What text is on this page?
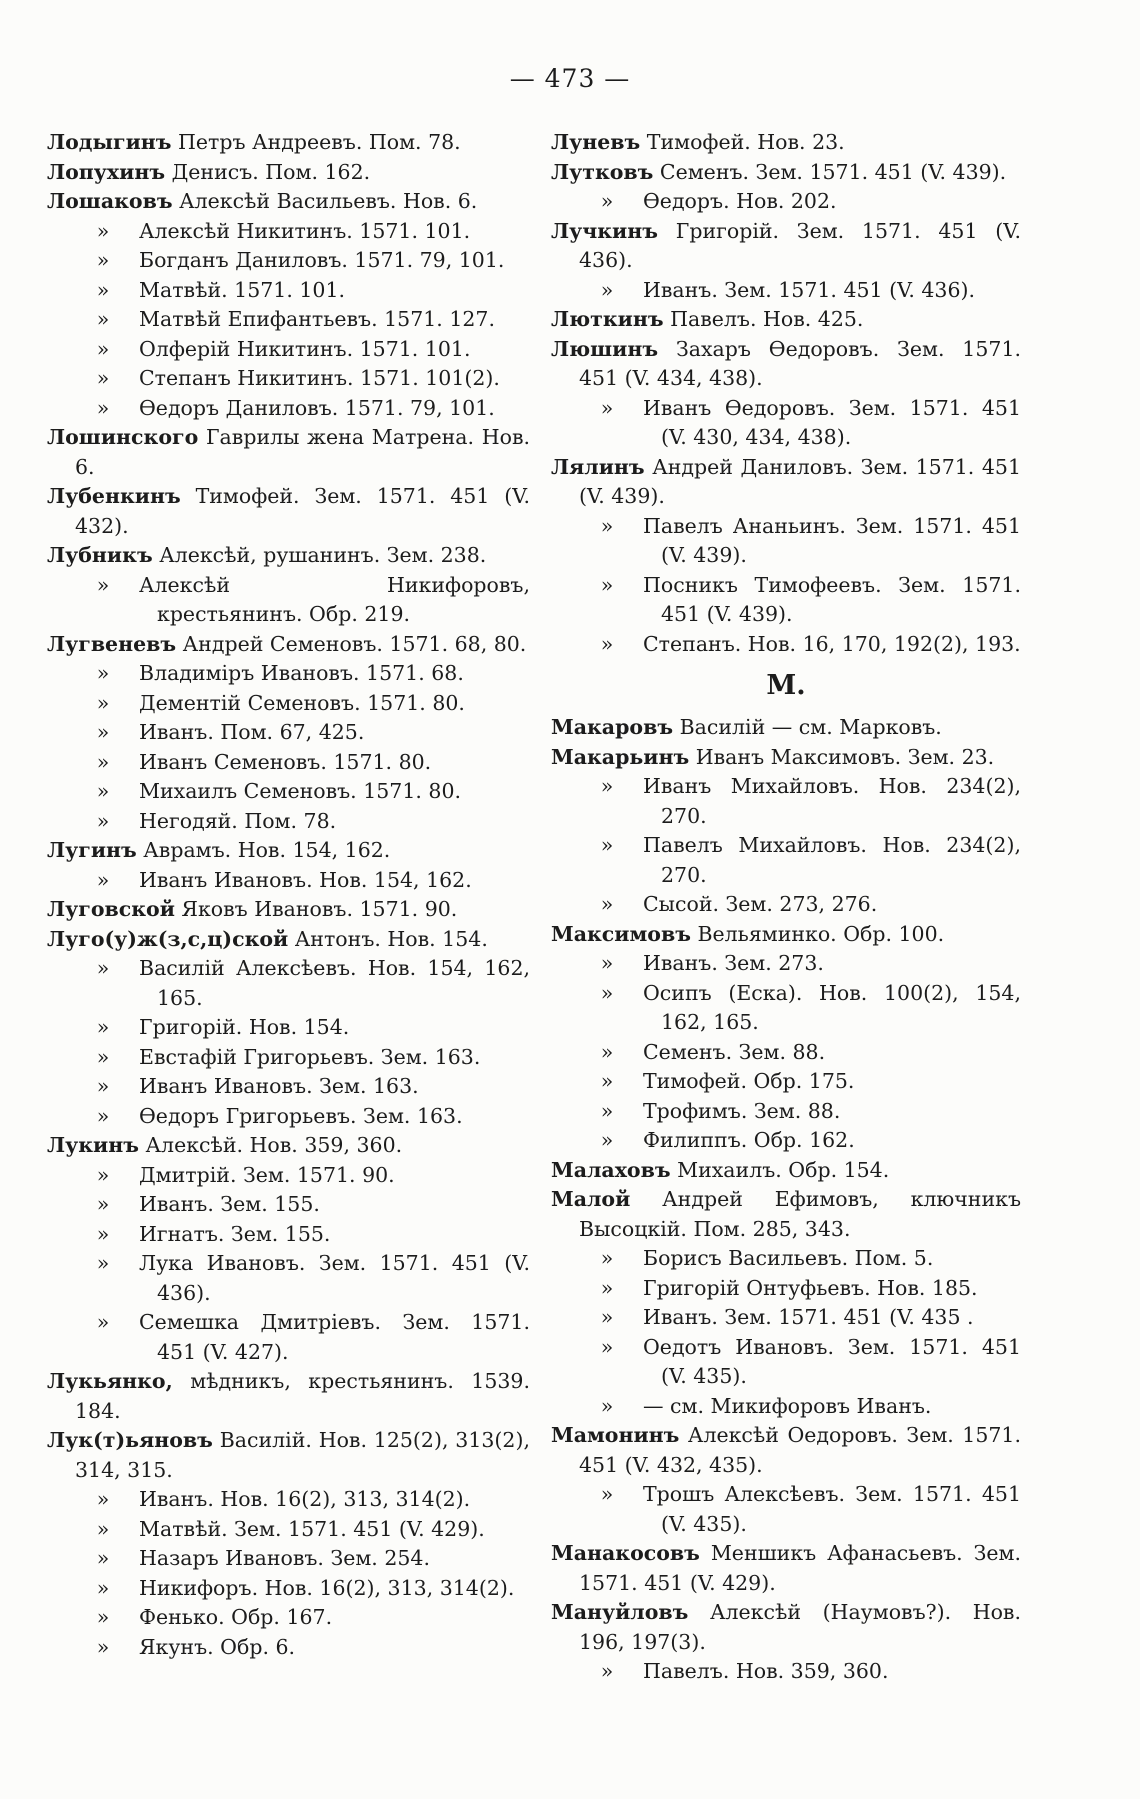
— 473 —
Лодыгинъ Петръ Андреевъ. Пом. 78.
Лопухинъ Денисъ. Пом. 162.
Лошаковъ Алексѣй Васильевъ. Нов. 6.
» Алексѣй Никитинъ. 1571. 101.
» Богданъ Даниловъ. 1571. 79, 101.
» Матвѣй. 1571. 101.
» Матвѣй Епифантьевъ. 1571. 127.
» Олферій Никитинъ. 1571. 101.
» Степанъ Никитинъ. 1571. 101(2).
» Ѳедоръ Даниловъ. 1571. 79, 101.
Лошинского Гаврилы жена Матрена. Нов. 6.
Лубенкинъ Тимофей. Зем. 1571. 451 (V. 432).
Лубникъ Алексѣй, рушанинъ. Зем. 238.
» Алексѣй Никифоровъ, крестьянинъ. Обр. 219.
Лугвеневъ Андрей Семеновъ. 1571. 68, 80.
» Владиміръ Ивановъ. 1571. 68.
» Дементій Семеновъ. 1571. 80.
» Иванъ. Пом. 67, 425.
» Иванъ Семеновъ. 1571. 80.
» Михаилъ Семеновъ. 1571. 80.
» Негодяй. Пом. 78.
Лугинъ Аврамъ. Нов. 154, 162.
» Иванъ Ивановъ. Нов. 154, 162.
Луговской Яковъ Ивановъ. 1571. 90.
Луго(у)ж(з,с,ц)ской Антонъ. Нов. 154.
» Василій Алексѣевъ. Нов. 154, 162, 165.
» Григорій. Нов. 154.
» Евстафій Григорьевъ. Зем. 163.
» Иванъ Ивановъ. Зем. 163.
» Ѳедоръ Григорьевъ. Зем. 163.
Лукинъ Алексѣй. Нов. 359, 360.
» Дмитрій. Зем. 1571. 90.
» Иванъ. Зем. 155.
» Игнатъ. Зем. 155.
» Лука Ивановъ. Зем. 1571. 451 (V. 436).
» Семешка Дмитріевъ. Зем. 1571. 451 (V. 427).
Лукьянко, мѣдникъ, крестьянинъ. 1539. 184.
Лук(т)ьяновъ Василій. Нов. 125(2), 313(2), 314, 315.
» Иванъ. Нов. 16(2), 313, 314(2).
» Матвѣй. Зем. 1571. 451 (V. 429).
» Назаръ Ивановъ. Зем. 254.
» Никифоръ. Нов. 16(2), 313, 314(2).
» Фенько. Обр. 167.
» Якунъ. Обр. 6.
Луневъ Тимофей. Нов. 23.
Лутковъ Семенъ. Зем. 1571. 451 (V. 439).
» Ѳедоръ. Нов. 202.
Лучкинъ Григорій. Зем. 1571. 451 (V. 436).
» Иванъ. Зем. 1571. 451 (V. 436).
Люткинъ Павелъ. Нов. 425.
Люшинъ Захаръ Ѳедоровъ. Зем. 1571. 451 (V. 434, 438).
» Иванъ Ѳедоровъ. Зем. 1571. 451 (V. 430, 434, 438).
Лялинъ Андрей Даниловъ. Зем. 1571. 451 (V. 439).
» Павелъ Ананьинъ. Зем. 1571. 451 (V. 439).
» Посникъ Тимофеевъ. Зем. 1571. 451 (V. 439).
» Степанъ. Нов. 16, 170, 192(2), 193.
М.
Макаровъ Василій — см. Марковъ.
Макарьинъ Иванъ Максимовъ. Зем. 23.
» Иванъ Михайловъ. Нов. 234(2), 270.
» Павелъ Михайловъ. Нов. 234(2), 270.
» Сысой. Зем. 273, 276.
Максимовъ Вельяминко. Обр. 100.
» Иванъ. Зем. 273.
» Осипъ (Еска). Нов. 100(2), 154, 162, 165.
» Семенъ. Зем. 88.
» Тимофей. Обр. 175.
» Трофимъ. Зем. 88.
» Филиппъ. Обр. 162.
Малаховъ Михаилъ. Обр. 154.
Малой Андрей Ефимовъ, ключникъ Высоцкій. Пом. 285, 343.
» Борисъ Васильевъ. Пом. 5.
» Григорій Онтуфьевъ. Нов. 185.
» Иванъ. Зем. 1571. 451 (V. 435 .
» Оедотъ Ивановъ. Зем. 1571. 451 (V. 435).
» — см. Микифоровъ Иванъ.
Мамонинъ Алексѣй Оедоровъ. Зем. 1571. 451 (V. 432, 435).
» Трошъ Алексѣевъ. Зем. 1571. 451 (V. 435).
Манакосовъ Меншикъ Афанасьевъ. Зем. 1571. 451 (V. 429).
Мануйловъ Алексѣй (Наумовъ?). Нов. 196, 197(3).
» Павелъ. Нов. 359, 360.
